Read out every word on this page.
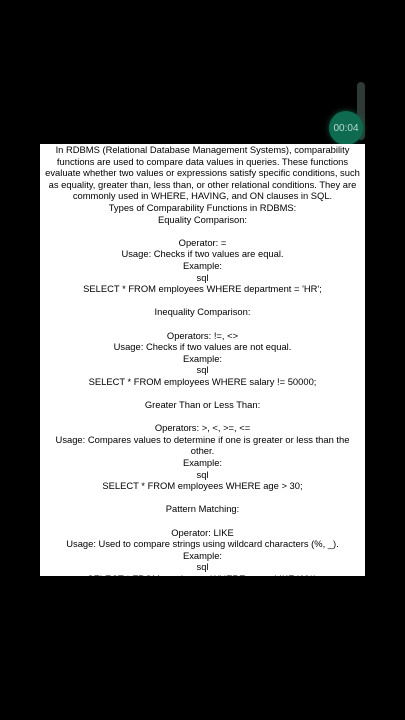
00:04

In RDBMS (Relational Database Management Systems), comparability functions are used to compare data values in queries. These functions evaluate whether two values or expressions satisfy specific conditions, such as equality, greater than, less than, or other relational conditions. They are commonly used in WHERE, HAVING, and ON clauses in SQL.

Types of Comparability Functions in RDBMS:

Equality Comparison:

Operator: =

Usage: Checks if two values are equal.

Example:

sql

SELECT * FROM employees WHERE department = 'HR';

Inequality Comparison:

Operators: !=, <>

Usage: Checks if two values are not equal.

Example:

sql

SELECT * FROM employees WHERE salary != 50000;

Greater Than or Less Than:

Operators: >, <, >=, <=

Usage: Compares values to determine if one is greater or less than the other.

Example:

sql

SELECT * FROM employees WHERE age > 30;

Pattern Matching:

Operator: LIKE

Usage: Used to compare strings using wildcard characters (%, _).

Example:

sql

SELECT * FROM employees WHERE name LIKE 'A%';
